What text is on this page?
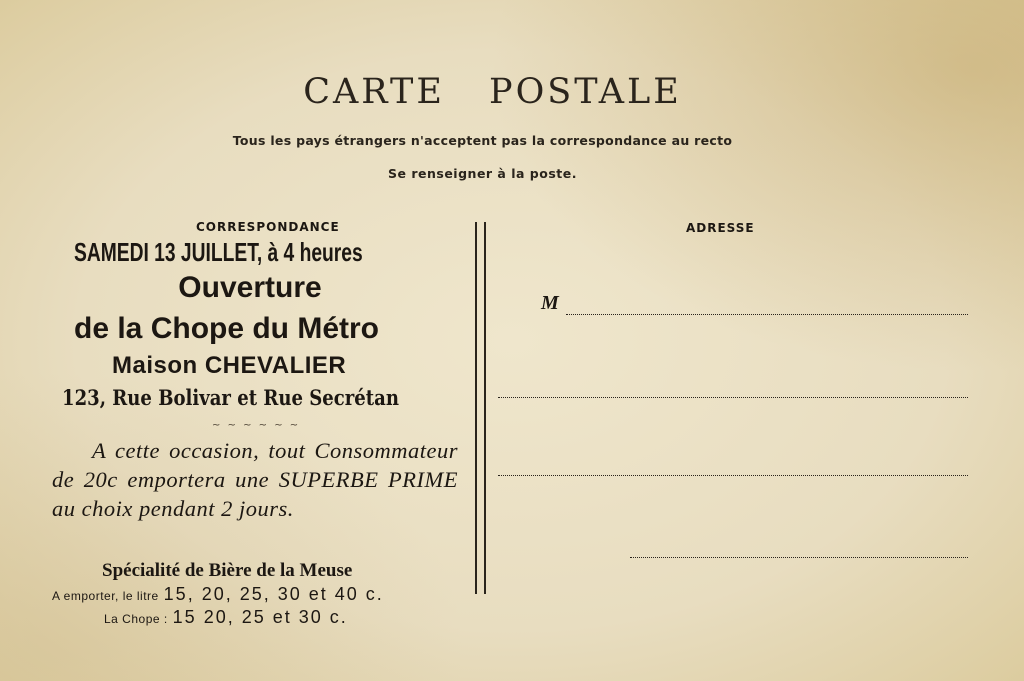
CARTE POSTALE
Tous les pays étrangers n'acceptent pas la correspondance au recto
Se renseigner à la poste.
CORRESPONDANCE	ADRESSE
SAMEDI 13 JUILLET, à 4 heures
Ouverture
de la Chope du Métro
Maison CHEVALIER
123, Rue Bolivar et Rue Secrétan
~ ~ ~ ~ ~ ~
A cette occasion, tout Consommateur de 20c emportera une SUPERBE PRIME au choix pendant 2 jours.
Spécialité de Bière de la Meuse
A emporter, le litre 15, 20, 25, 30 et 40 c.
La Chope : 15 20, 25 et 30 c.
M
